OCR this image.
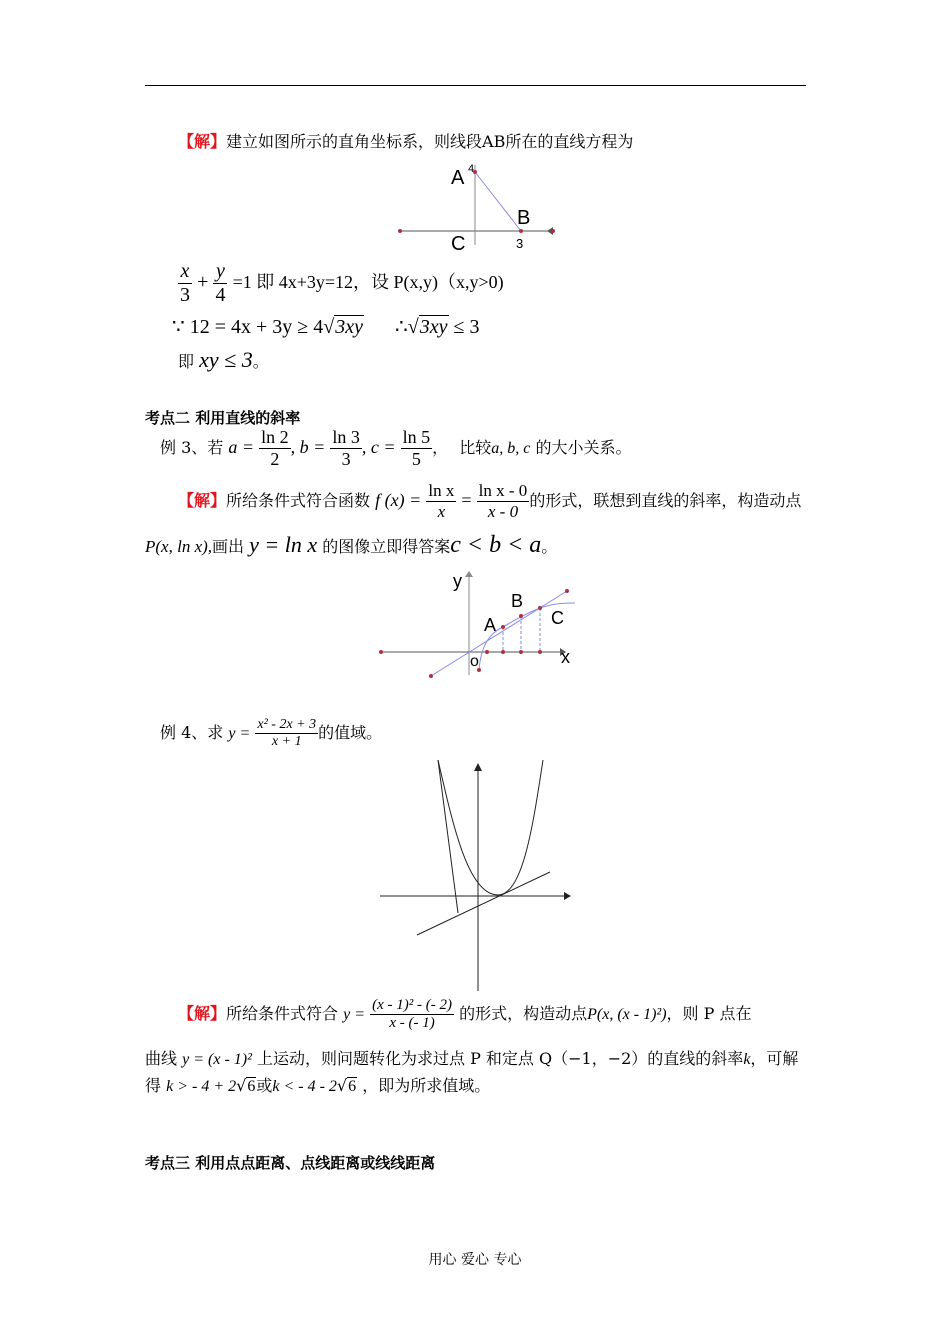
【解】建立如图所示的直角坐标系，则线段AB所在的直线方程为
A 4
B
C	3
$\frac{x}{3} + \frac{y}{4} =1$ 即 4x+3y=12，设 P(x,y)（x,y>0)
∵ 12 = 4x + 3y ≥ 4√3xy ∴√3xy ≤ 3
即 xy ≤ 3。
考点二 利用直线的斜率
例 3、若 $a = \frac{\ln 2}{2}$ , $b = \frac{\ln 3}{3}$ , $c = \frac{\ln 5}{5}$ ， 比较a, b, c 的大小关系。
【解】所给条件式符合函数 f $(x) = \frac{\text{ln x}}{x} = \frac{\text{ln x - 0}}{x - 0}$ 的形式，联想到直线的斜率，构造动点
P(x, ln x),画出 y = ln x 的图像立即得答案c < b < a。
y
x
o
A
B
C
例 4、求 $y = \frac{\text{x² - 2x + 3}}{x + 1}$ 的值域。
【解】所给条件式符合 $y = \frac{\text{(x - 1)² - (- 2)}}{x - (- 1)}$ 的形式，构造动点P(x, (x - 1)²)，则 P 点在
曲线 y = (x - 1)² 上运动，则问题转化为求过点 P 和定点 Q（−1，−2）的直线的斜率k，可解
得 k > - 4 + 2√6或k < - 4 - 2√6 ，即为所求值域。
考点三 利用点点距离、点线距离或线线距离
用心 爱心 专心
